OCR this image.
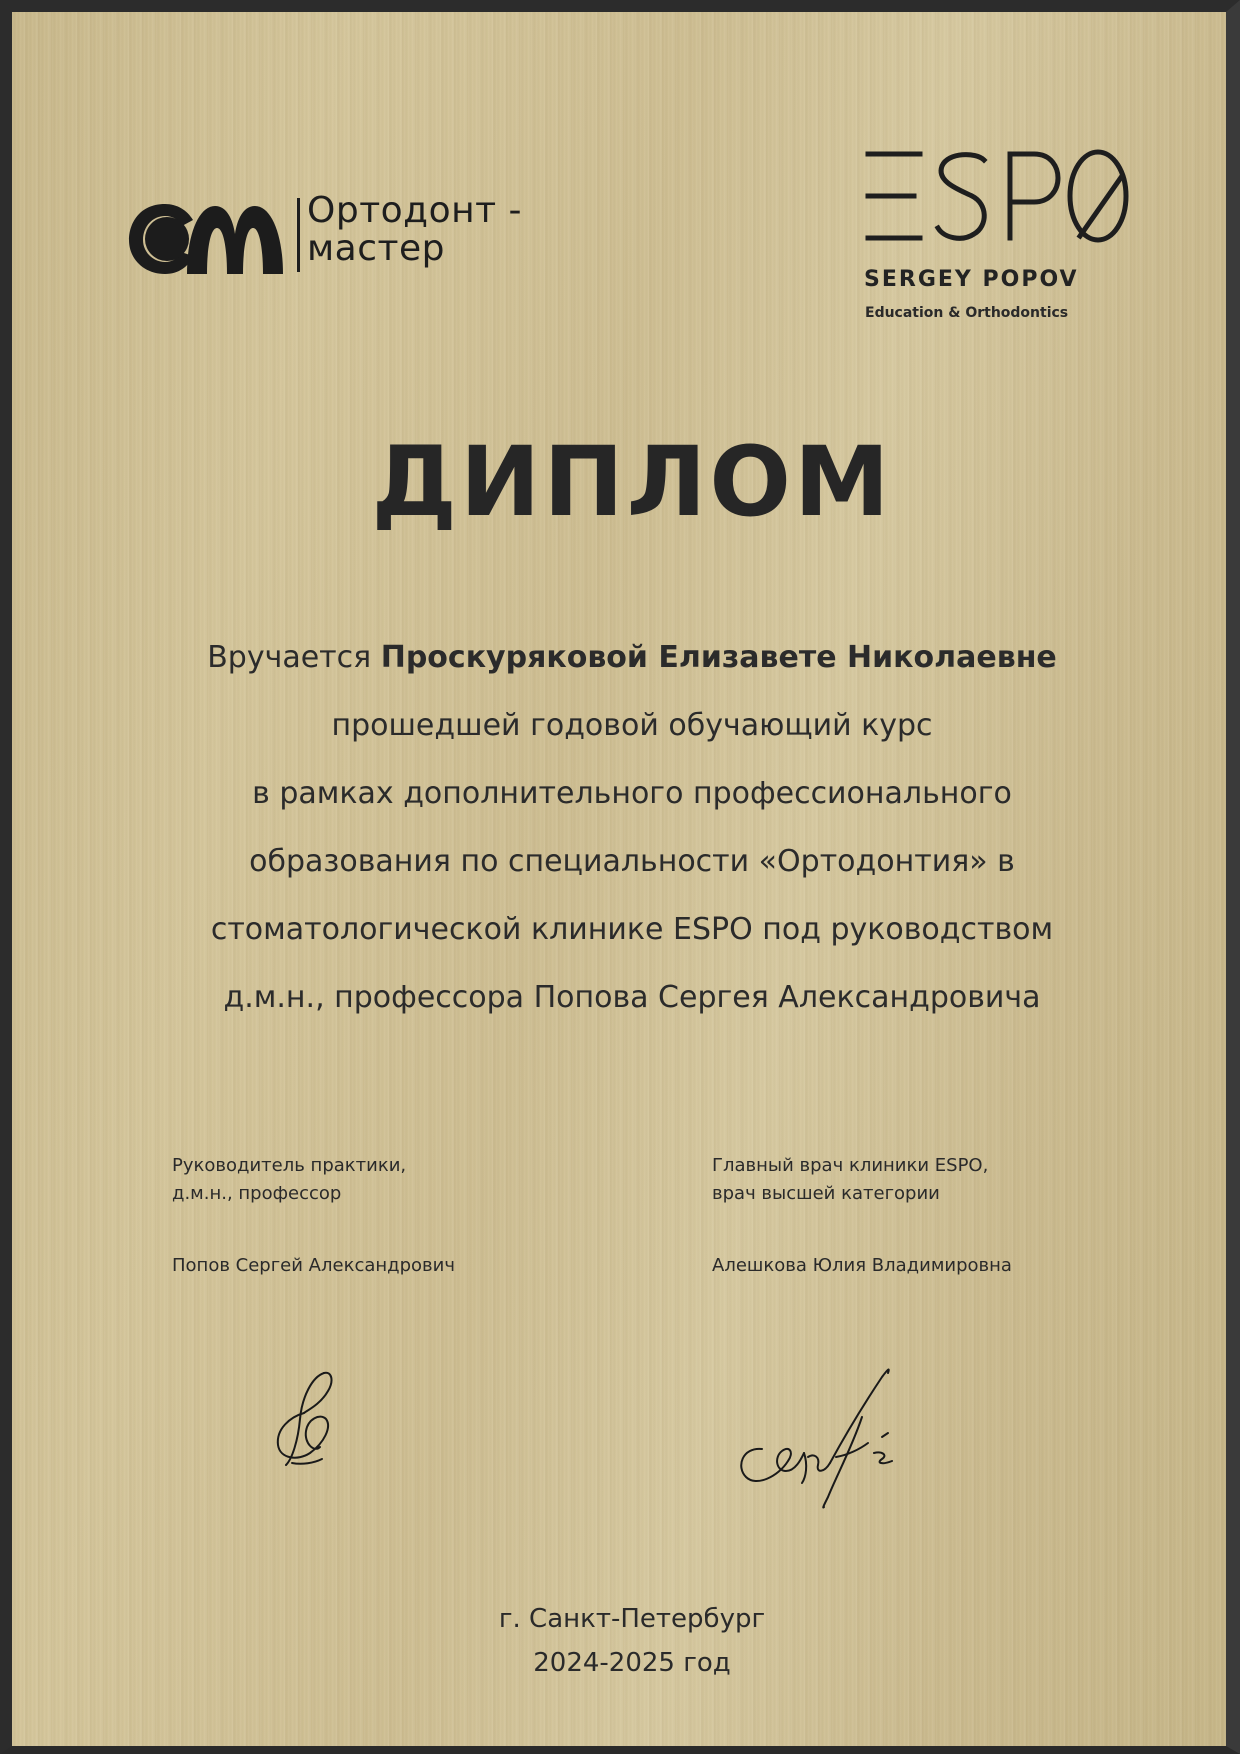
Ортодонт -
мастер
SERGEY POPOV
Education & Orthodontics
ДИПЛОМ
Вручается Проскуряковой Елизавете Николаевне
прошедшей годовой обучающий курс
в рамках дополнительного профессионального
образования по специальности «Ортодонтия» в
стоматологической клинике ESPO под руководством
д.м.н., профессора Попова Сергея Александровича
Руководитель практики,
д.м.н., профессор
Попов Сергей Александрович
Главный врач клиники ESPO,
врач высшей категории
Алешкова Юлия Владимировна
г. Санкт-Петербург
2024-2025 год
